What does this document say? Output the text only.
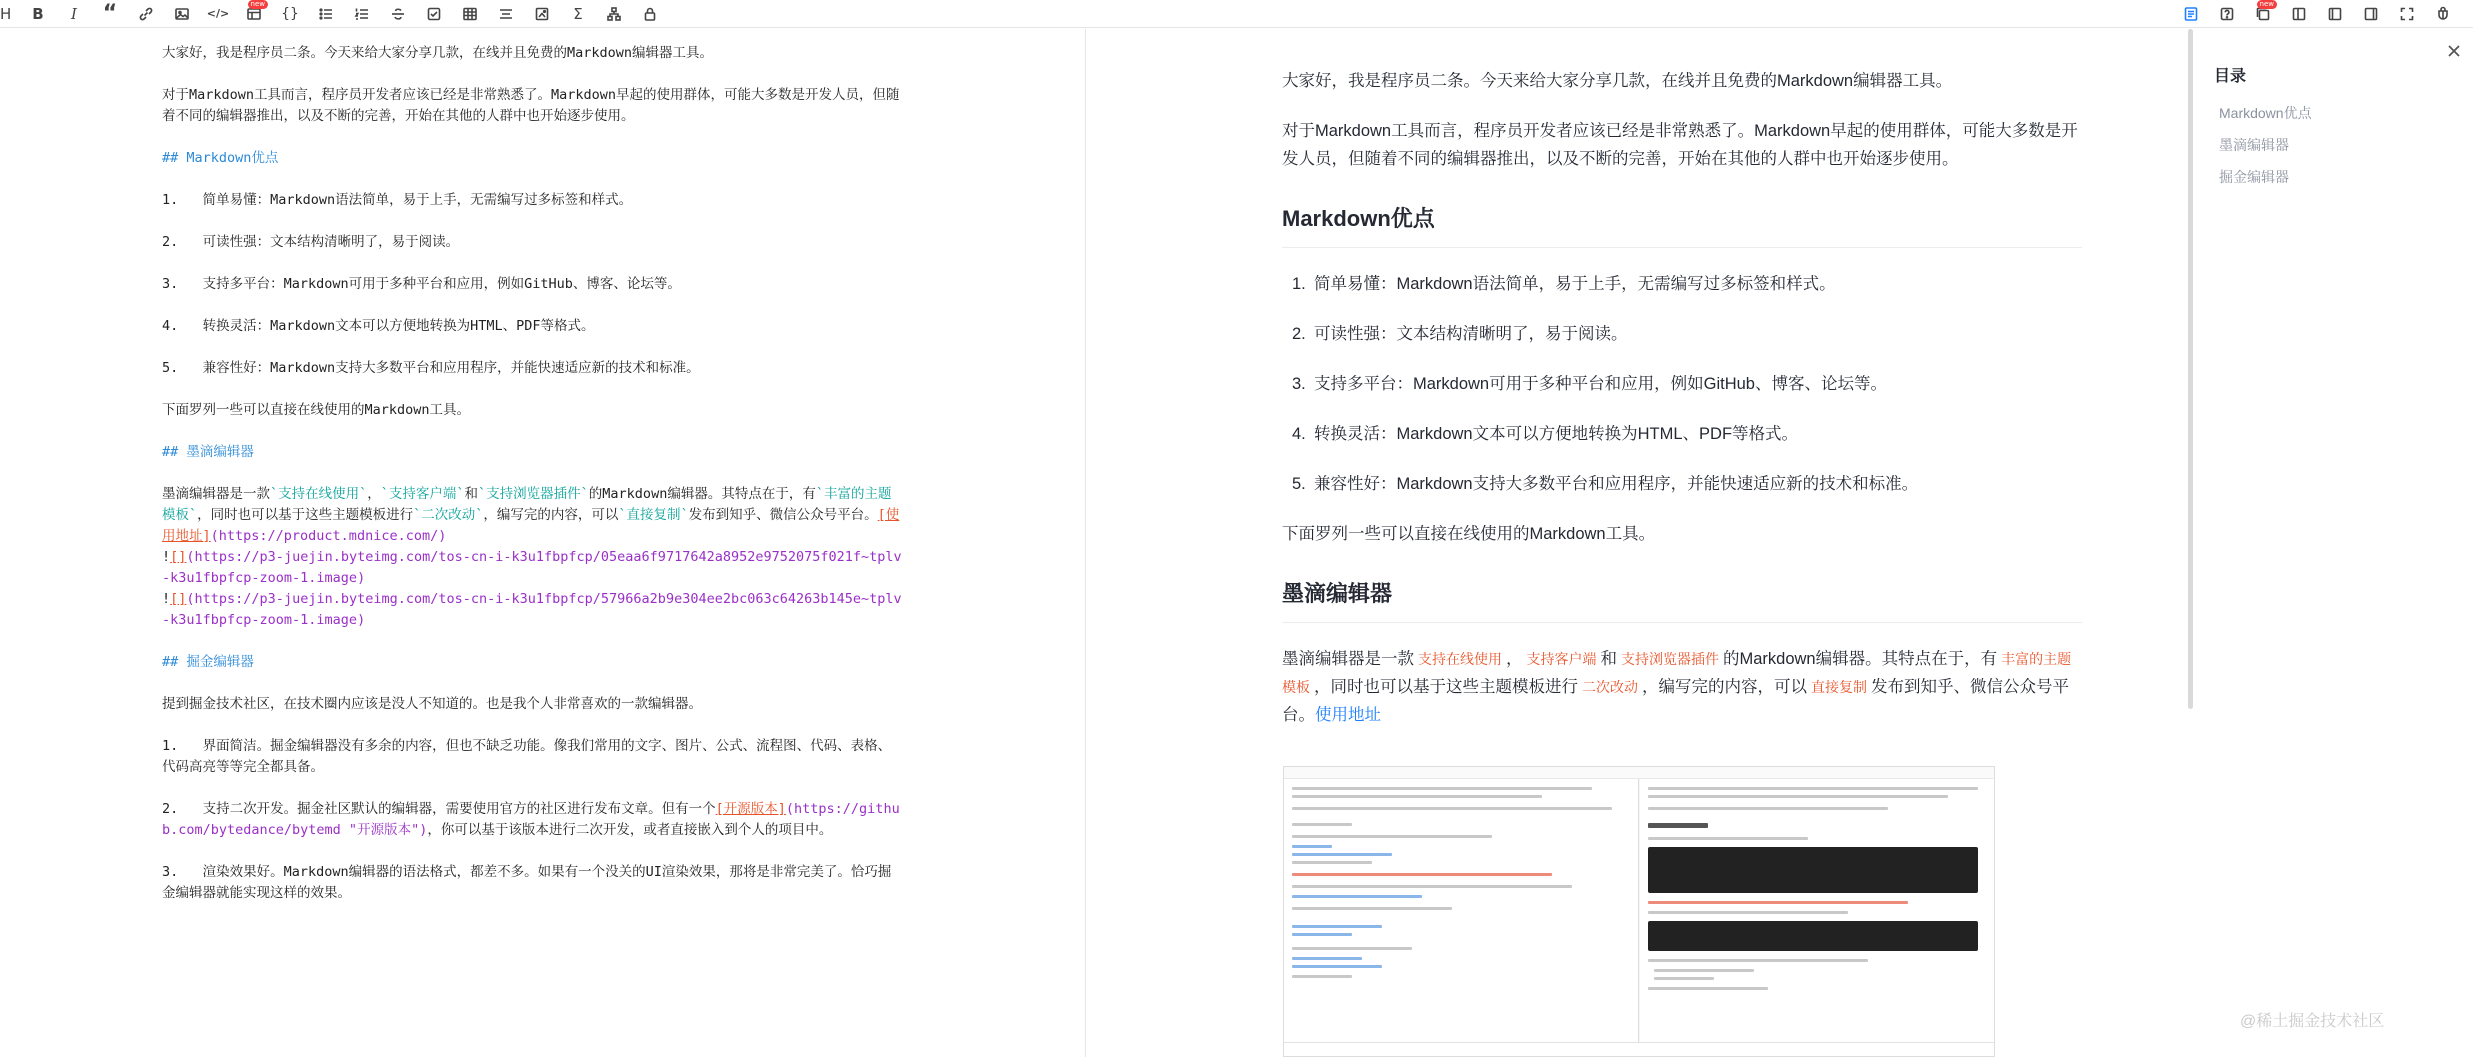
H B I “	</>
new
{}	Σ
new
大家好，我是程序员二条。今天来给大家分享几款，在线并且免费的Markdown编辑器工具。
对于Markdown工具而言，程序员开发者应该已经是非常熟悉了。Markdown早起的使用群体，可能大多数是开发人员，但随着不同的编辑器推出，以及不断的完善，开始在其他的人群中也开始逐步使用。
## Markdown优点
1.   简单易懂：Markdown语法简单，易于上手，无需编写过多标签和样式。
2.   可读性强：文本结构清晰明了，易于阅读。
3.   支持多平台：Markdown可用于多种平台和应用，例如GitHub、博客、论坛等。
4.   转换灵活：Markdown文本可以方便地转换为HTML、PDF等格式。
5.   兼容性好：Markdown支持大多数平台和应用程序，并能快速适应新的技术和标准。
下面罗列一些可以直接在线使用的Markdown工具。
## 墨滴编辑器
墨滴编辑器是一款`支持在线使用`，`支持客户端`和`支持浏览器插件`的Markdown编辑器。其特点在于，有`丰富的主题模板`，同时也可以基于这些主题模板进行`二次改动`，编写完的内容，可以`直接复制`发布到知乎、微信公众号平台。[使用地址](https://product.mdnice.com/)
![](https://p3-juejin.byteimg.com/tos-cn-i-k3u1fbpfcp/05eaa6f9717642a8952e9752075f021f~tplv-k3u1fbpfcp-zoom-1.image)
![](https://p3-juejin.byteimg.com/tos-cn-i-k3u1fbpfcp/57966a2b9e304ee2bc063c64263b145e~tplv-k3u1fbpfcp-zoom-1.image)
## 掘金编辑器
提到掘金技术社区，在技术圈内应该是没人不知道的。也是我个人非常喜欢的一款编辑器。
1.   界面简洁。掘金编辑器没有多余的内容，但也不缺乏功能。像我们常用的文字、图片、公式、流程图、代码、表格、代码高亮等等完全都具备。
2.   支持二次开发。掘金社区默认的编辑器，需要使用官方的社区进行发布文章。但有一个[开源版本](https://github.com/bytedance/bytemd "开源版本")，你可以基于该版本进行二次开发，或者直接嵌入到个人的项目中。
3.   渲染效果好。Markdown编辑器的语法格式，都差不多。如果有一个没关的UI渲染效果，那将是非常完美了。恰巧掘金编辑器就能实现这样的效果。

大家好，我是程序员二条。今天来给大家分享几款，在线并且免费的Markdown编辑器工具。

对于Markdown工具而言，程序员开发者应该已经是非常熟悉了。Markdown早起的使用群体，可能大多数是开发人员，但随着不同的编辑器推出，以及不断的完善，开始在其他的人群中也开始逐步使用。

Markdown优点
1. 简单易懂：Markdown语法简单，易于上手，无需编写过多标签和样式。
2. 可读性强：文本结构清晰明了，易于阅读。
3. 支持多平台：Markdown可用于多种平台和应用，例如GitHub、博客、论坛等。
4. 转换灵活：Markdown文本可以方便地转换为HTML、PDF等格式。
5. 兼容性好：Markdown支持大多数平台和应用程序，并能快速适应新的技术和标准。

下面罗列一些可以直接在线使用的Markdown工具。

墨滴编辑器

墨滴编辑器是一款 支持在线使用 ， 支持客户端 和 支持浏览器插件 的Markdown编辑器。其特点在于，有 丰富的主题模板 ，同时也可以基于这些主题模板进行 二次改动 ，编写完的内容，可以 直接复制 发布到知乎、微信公众号平台。使用地址

目录
Markdown优点
墨滴编辑器
掘金编辑器
@稀土掘金技术社区
